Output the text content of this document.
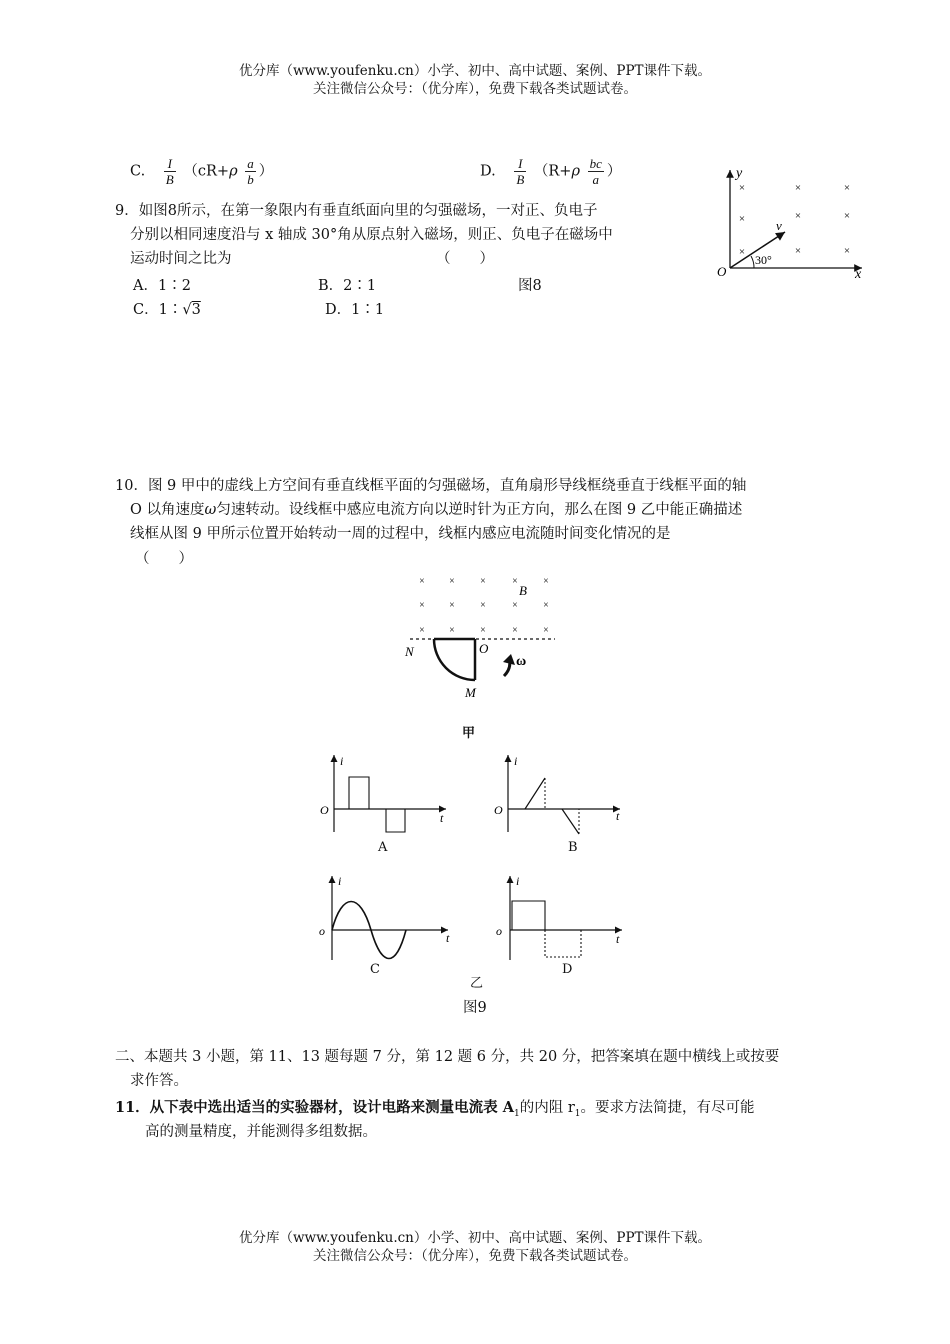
优分库（www.youfenku.cn）小学、初中、高中试题、案例、PPT课件下载。
关注微信公众号：（优分库），免费下载各类试题试卷。
C. $\frac{I}{B} (cR+\rho \frac{a}{b}$ ）	D. $\frac{I}{B} (R+\rho \frac{bc}{a}$ ）
9．如图8所示，在第一象限内有垂直纸面向里的匀强磁场，一对正、负电子
分别以相同速度沿与 x 轴成 30°角从原点射入磁场，则正、负电子在磁场中
运动时间之比为	（　　）
A．1∶2	B．2∶1	图8
C．1∶√3	D．1∶1
y
x
O
v
30°
×	×	×
×	×	×
×	×	×
10．图 9 甲中的虚线上方空间有垂直线框平面的匀强磁场，直角扇形导线框绕垂直于线框平面的轴
O 以角速度ω匀速转动。设线框中感应电流方向以逆时针为正方向，那么在图 9 乙中能正确描述
线框从图 9 甲所示位置开始转动一周的过程中，线框内感应电流随时间变化情况的是
（　　）
× ×	×	×	×
× ×	×	×	×
× ×	×	×	×
B
N	O
M
ω
甲
i
t
O
A
i
t
O
B
i
t
o
C
i
t
o
D
乙
图9
二、本题共 3 小题，第 11、13 题每题 7 分，第 12 题 6 分，共 20 分，把答案填在题中横线上或按要
求作答。
11．从下表中选出适当的实验器材，设计电路来测量电流表 $A_1$的内阻 $r_1$。要求方法简捷，有尽可能
高的测量精度，并能测得多组数据。
优分库（www.youfenku.cn）小学、初中、高中试题、案例、PPT课件下载。
关注微信公众号：（优分库），免费下载各类试题试卷。
